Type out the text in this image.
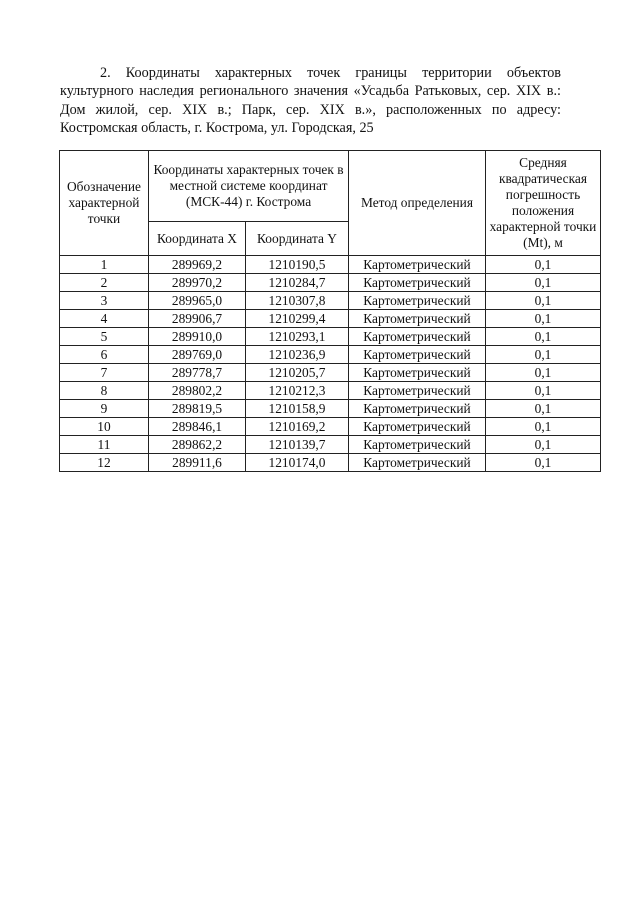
2. Координаты характерных точек границы территории объектов культурного наследия регионального значения «Усадьба Ратьковых, сер. XIX в.: Дом жилой, сер. XIX в.; Парк, сер. XIX в.», расположенных по адресу: Костромская область, г. Кострома, ул. Городская, 25

Обозначение характерной точки	Координаты характерных точек в местной системе координат (МСК-44) г. Кострома		Метод определения	Средняя квадратическая погрешность положения характерной точки (Mt), м

	Координата X	Координата Y		
1	289969,2	1210190,5	Картометрический	0,1
2	289970,2	1210284,7	Картометрический	0,1
3	289965,0	1210307,8	Картометрический	0,1
4	289906,7	1210299,4	Картометрический	0,1
5	289910,0	1210293,1	Картометрический	0,1
6	289769,0	1210236,9	Картометрический	0,1
7	289778,7	1210205,7	Картометрический	0,1
8	289802,2	1210212,3	Картометрический	0,1
9	289819,5	1210158,9	Картометрический	0,1
10	289846,1	1210169,2	Картометрический	0,1
11	289862,2	1210139,7	Картометрический	0,1
12	289911,6	1210174,0	Картометрический	0,1
